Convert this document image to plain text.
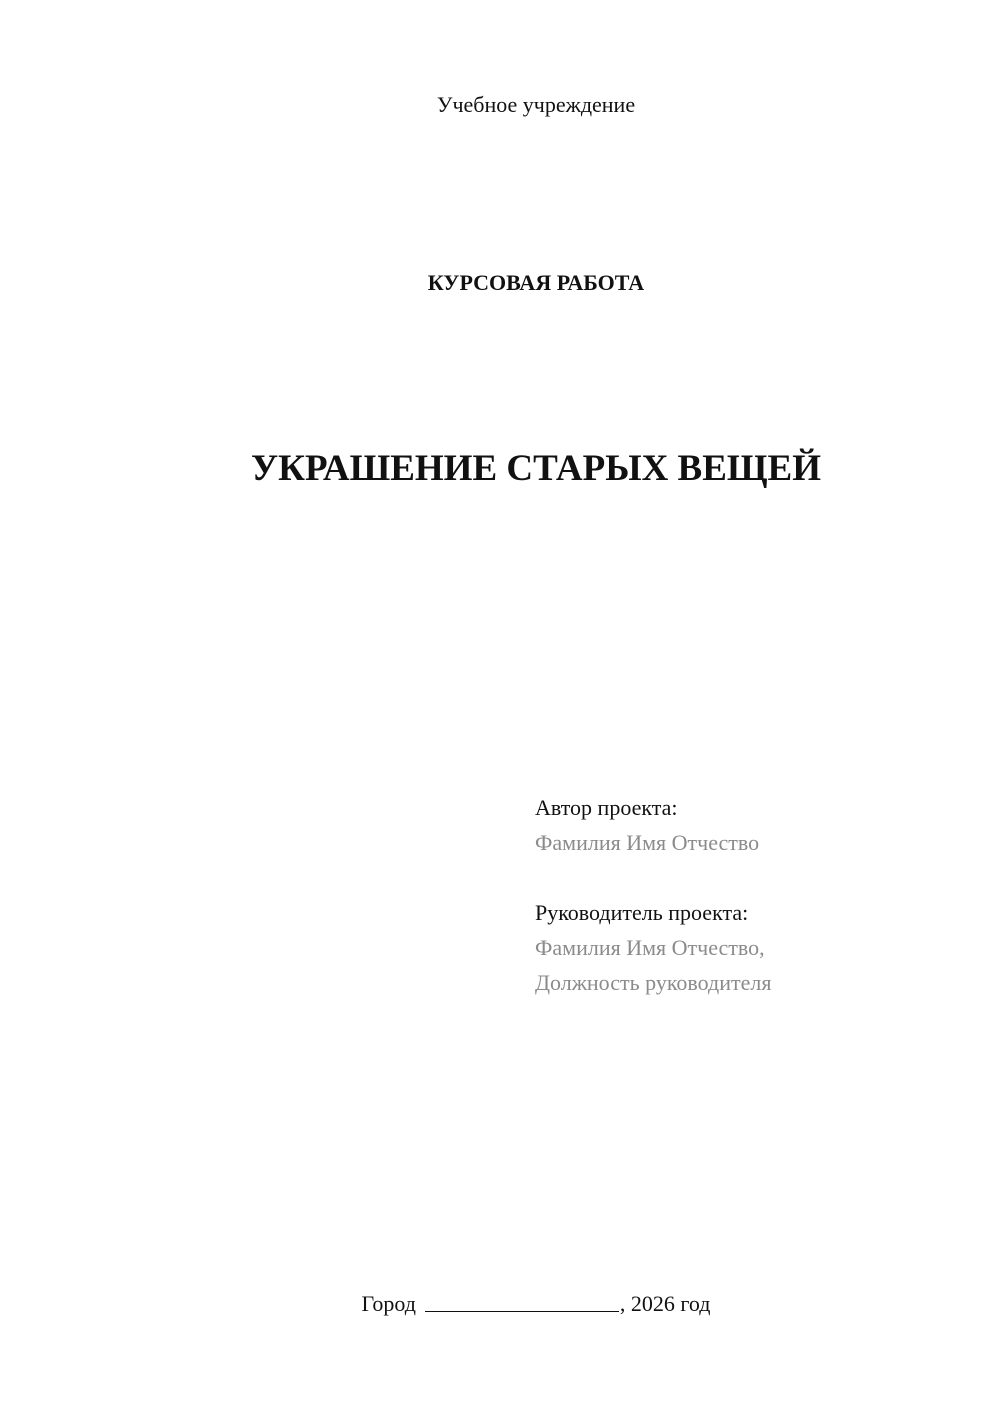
Учебное учреждение
КУРСОВАЯ РАБОТА
УКРАШЕНИЕ СТАРЫХ ВЕЩЕЙ
Автор проекта:
Фамилия Имя Отчество
Руководитель проекта:
Фамилия Имя Отчество,
Должность руководителя
Город	, 2026 год
